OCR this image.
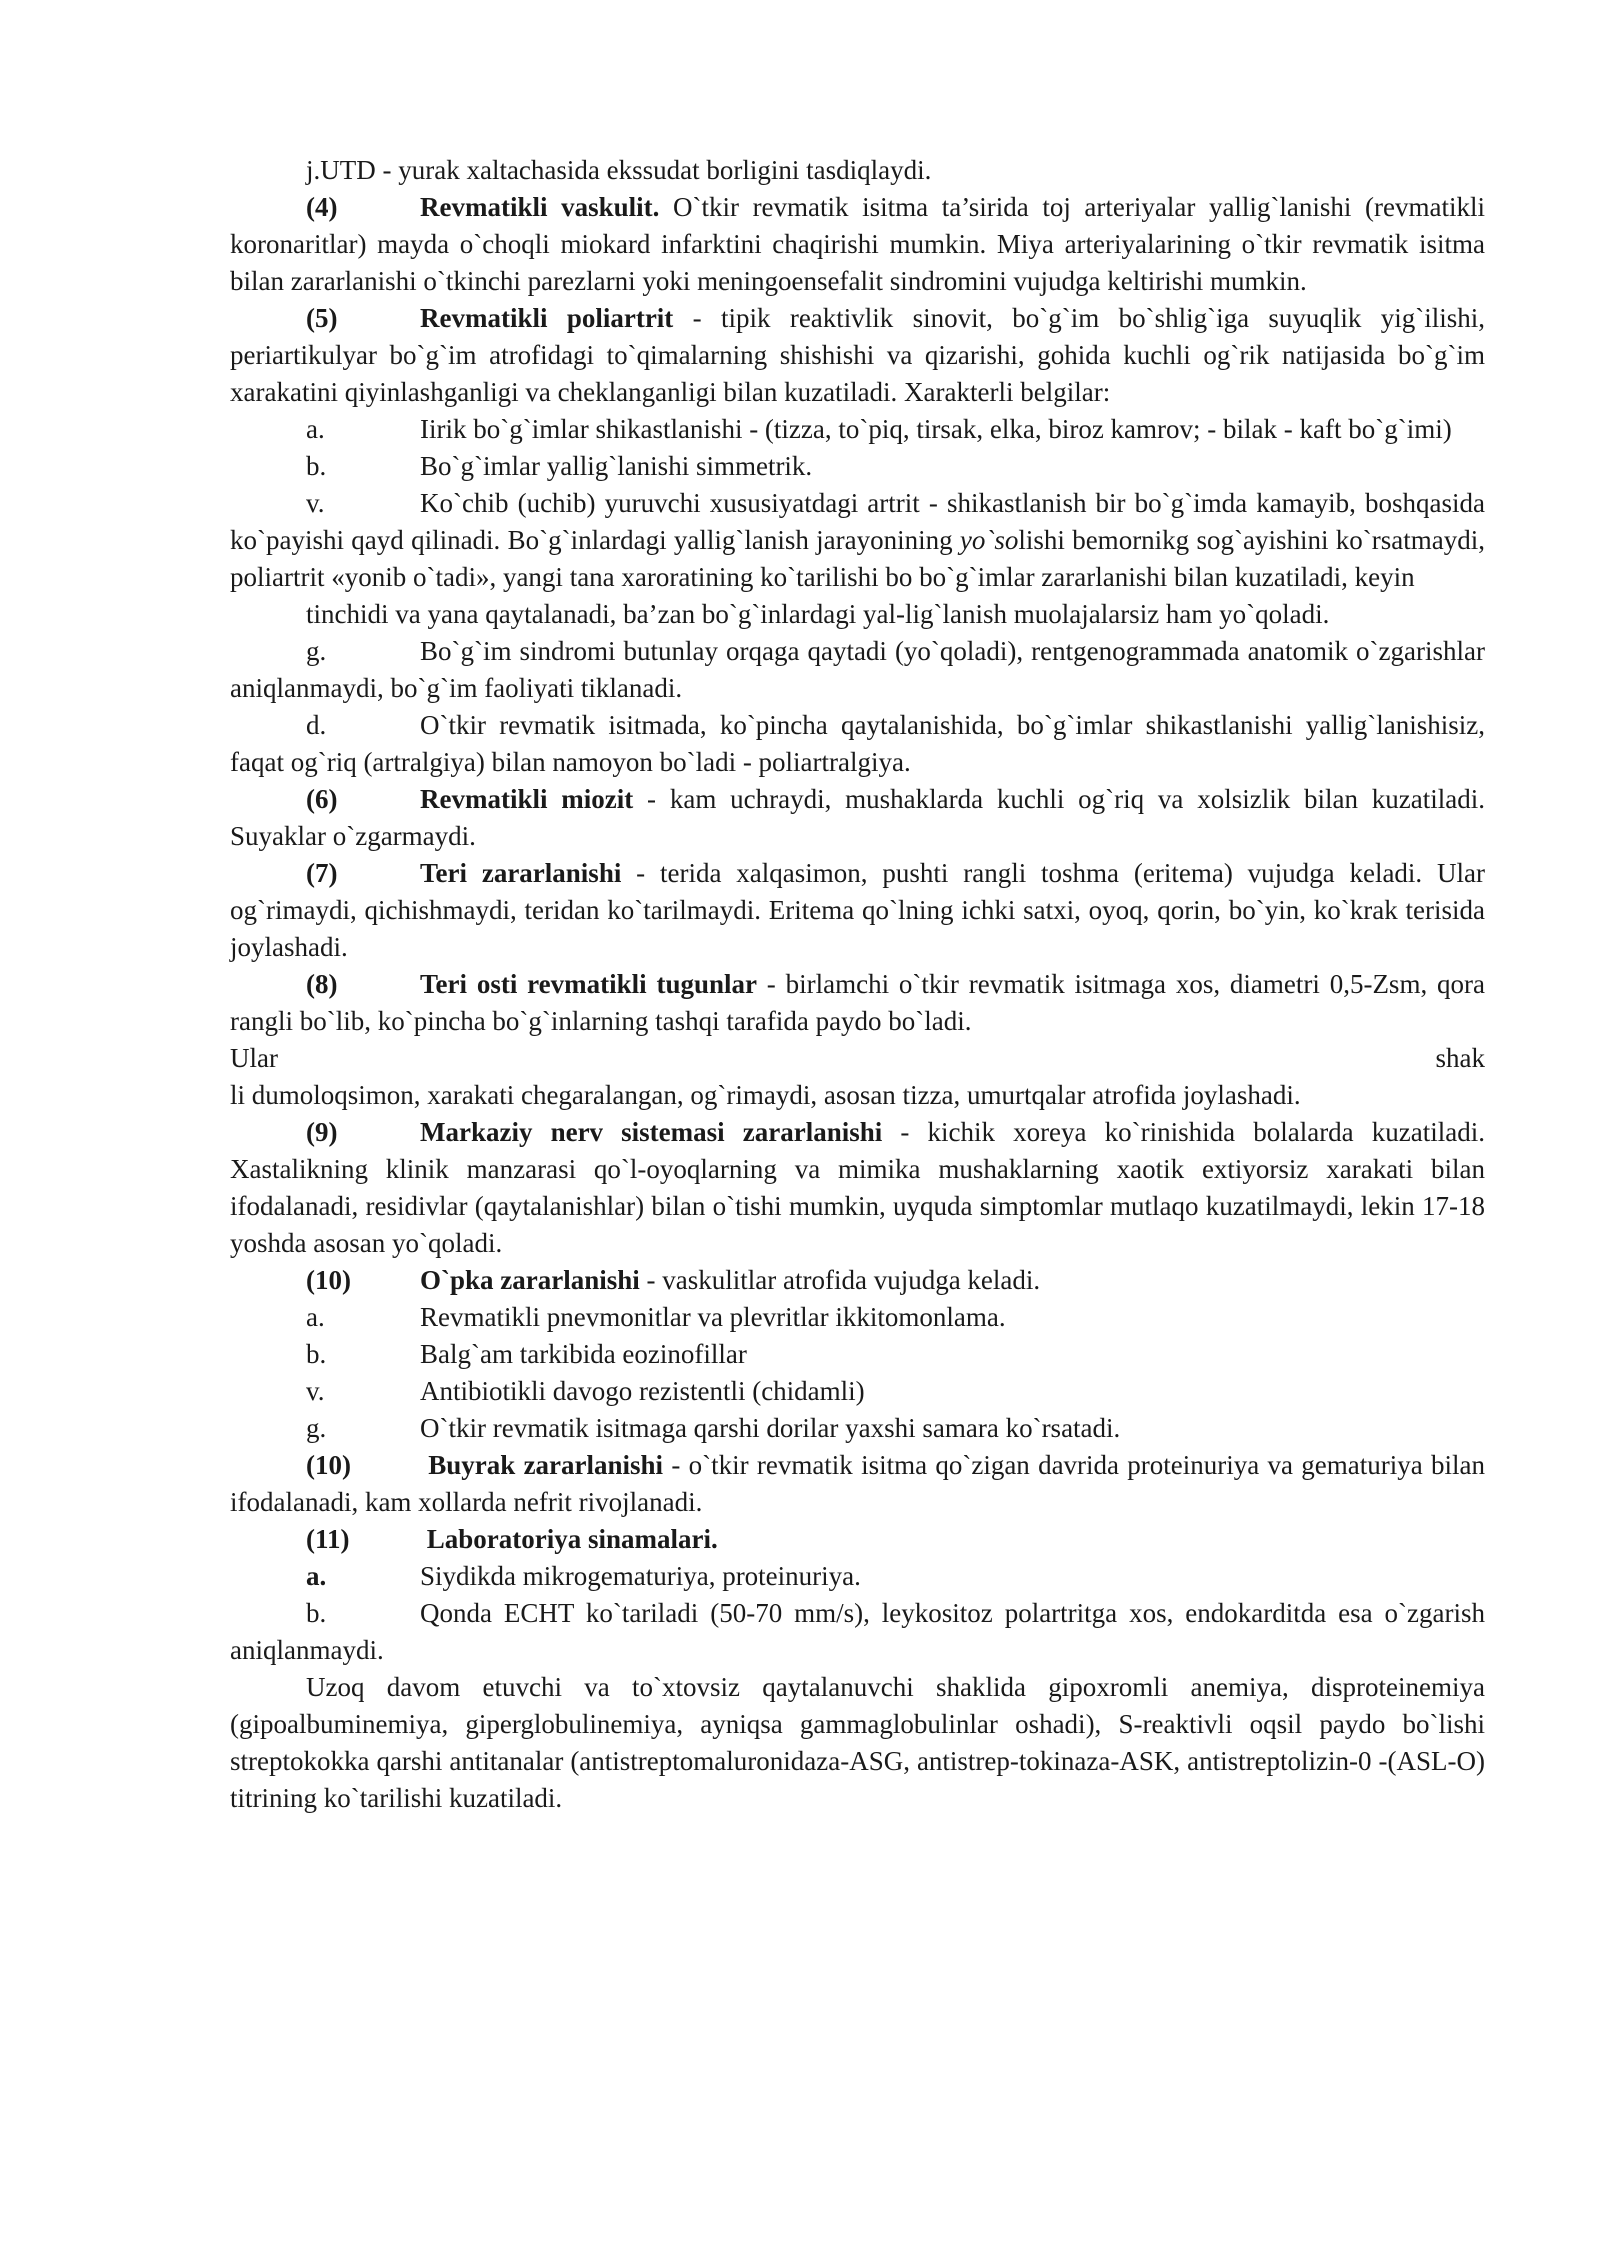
j.UTD - yurak xaltachasida ekssudat borligini tasdiqlaydi.

(4)	Revmatikli vaskulit. O`tkir revmatik isitma ta’sirida toj arteriyalar yallig`lanishi (revmatikli koronaritlar) mayda o`choqli miokard infarktini chaqirishi mumkin. Miya arteriyalarining o`tkir revmatik isitma bilan zararlanishi o`tkinchi parezlarni yoki meningoensefalit sindromini vujudga keltirishi mumkin.

(5)	Revmatikli poliartrit - tipik reaktivlik sinovit, bo`g`im bo`shlig`iga suyuqlik yig`ilishi, periartikulyar bo`g`im atrofidagi to`qimalarning shishishi va qizarishi, gohida kuchli og`rik natijasida bo`g`im xarakatini qiyinlashganligi va cheklanganligi bilan kuzatiladi. Xarakterli belgilar:

a.	Iirik bo`g`imlar shikastlanishi - (tizza, to`piq, tirsak, elka, biroz kamrov; - bilak - kaft bo`g`imi)

b.	Bo`g`imlar yallig`lanishi simmetrik.

v.	Ko`chib (uchib) yuruvchi xususiyatdagi artrit - shikastlanish bir bo`g`imda kamayib, boshqasida ko`payishi qayd qilinadi. Bo`g`inlardagi yallig`lanish jarayonining yo`solishi bemornikg sog`ayishini ko`rsatmaydi, poliartrit «yonib o`tadi», yangi tana xaroratining ko`tarilishi bo bo`g`imlar zararlanishi bilan kuzatiladi, keyin

tinchidi va yana qaytalanadi, ba’zan bo`g`inlardagi yal-lig`lanish muolajalarsiz ham yo`qoladi.

g.	Bo`g`im sindromi butunlay orqaga qaytadi (yo`qoladi), rentgenogrammada anatomik o`zgarishlar aniqlanmaydi, bo`g`im faoliyati tiklanadi.

d.	O`tkir revmatik isitmada, ko`pincha qaytalanishida, bo`g`imlar shikastlanishi yallig`lanishisiz, faqat og`riq (artralgiya) bilan namoyon bo`ladi - poliartralgiya.

(6)	Revmatikli miozit - kam uchraydi, mushaklarda kuchli og`riq va xolsizlik bilan kuzatiladi. Suyaklar o`zgarmaydi.

(7)	Teri zararlanishi - terida xalqasimon, pushti rangli toshma (eritema) vujudga keladi. Ular og`rimaydi, qichishmaydi, teridan ko`tarilmaydi. Eritema qo`lning ichki satxi, oyoq, qorin, bo`yin, ko`krak terisida joylashadi.

(8)	Teri osti revmatikli tugunlar - birlamchi o`tkir revmatik isitmaga xos, diametri 0,5-Zsm, qora rangli bo`lib, ko`pincha bo`g`inlarning tashqi tarafida paydo bo`ladi.

Ular	shak

li dumoloqsimon, xarakati chegaralangan, og`rimaydi, asosan tizza, umurtqalar atrofida joylashadi.

(9)	Markaziy nerv sistemasi zararlanishi - kichik xoreya ko`rinishida bolalarda kuzatiladi. Xastalikning klinik manzarasi qo`l-oyoqlarning va mimika mushaklarning xaotik extiyorsiz xarakati bilan ifodalanadi, residivlar (qaytalanishlar) bilan o`tishi mumkin, uyquda simptomlar mutlaqo kuzatilmaydi, lekin 17-18 yoshda asosan yo`qoladi.

(10)	O`pka zararlanishi - vaskulitlar atrofida vujudga keladi.

a.	Revmatikli pnevmonitlar va plevritlar ikkitomonlama.

b.	Balg`am tarkibida eozinofillar

v.	Antibiotikli davogo rezistentli (chidamli)

g.	O`tkir revmatik isitmaga qarshi dorilar yaxshi samara ko`rsatadi.

(10)	Buyrak zararlanishi - o`tkir revmatik isitma qo`zigan davrida proteinuriya va gematuriya bilan ifodalanadi, kam xollarda nefrit rivojlanadi.

(11)	Laboratoriya sinamalari.

a.	Siydikda mikrogematuriya, proteinuriya.

b.	Qonda ECHT ko`tariladi (50-70 mm/s), leykositoz polartritga xos, endokarditda esa o`zgarish aniqlanmaydi.

Uzoq davom etuvchi va to`xtovsiz qaytalanuvchi shaklida gipoxromli anemiya, disproteinemiya (gipoalbuminemiya, giperglobulinemiya, ayniqsa gammaglobulinlar oshadi), S-reaktivli oqsil paydo bo`lishi streptokokka qarshi antitanalar (antistreptomaluronidaza-ASG, antistrep-tokinaza-ASK, antistreptolizin-0 -(ASL-O) titrining ko`tarilishi kuzatiladi.
